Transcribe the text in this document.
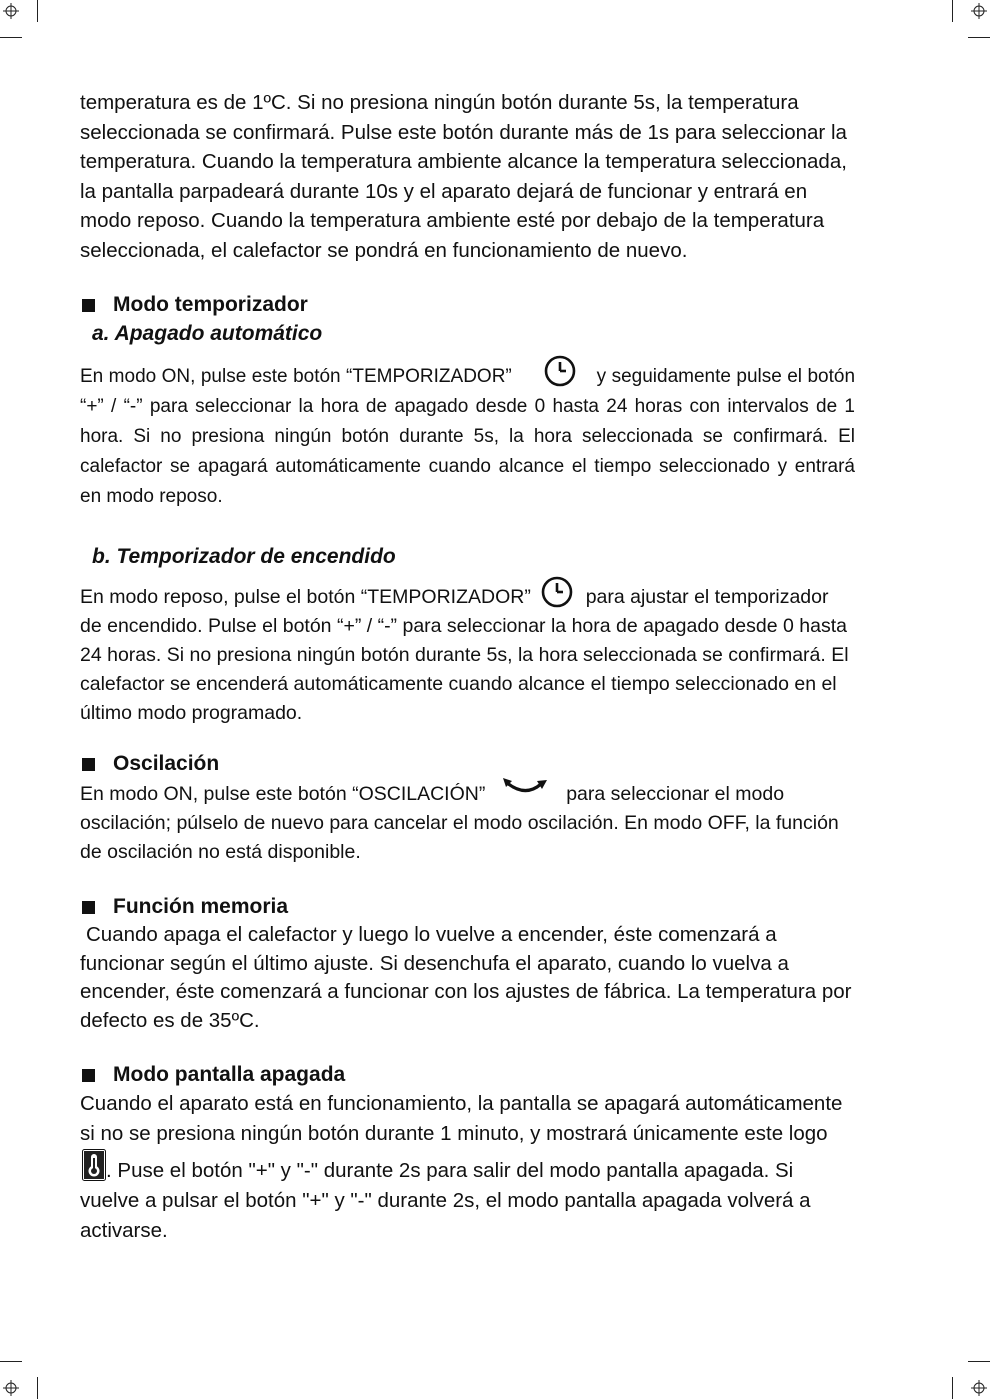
temperatura es de 1ºC. Si no presiona ningún botón durante 5s, la temperatura seleccionada se confirmará. Pulse este botón durante más de 1s para seleccionar la temperatura. Cuando la temperatura ambiente alcance la temperatura seleccionada, la pantalla parpadeará durante 10s y el aparato dejará de funcionar y entrará en modo reposo. Cuando la temperatura ambiente esté por debajo de la temperatura seleccionada, el calefactor se pondrá en funcionamiento de nuevo.

Modo temporizador
a. Apagado automático

En modo ON, pulse este botón “TEMPORIZADOR”	y seguidamente pulse el botón “+” / “-” para seleccionar la hora de apagado desde 0 hasta 24 horas con intervalos de 1 hora. Si no presiona ningún botón durante 5s, la hora seleccionada se confirmará. El calefactor se apagará automáticamente cuando alcance el tiempo seleccionado y entrará en modo reposo.

b. Temporizador de encendido

En modo reposo, pulse el botón “TEMPORIZADOR”	para ajustar el temporizador de encendido. Pulse el botón “+” / “-” para seleccionar la hora de apagado desde 0 hasta 24 horas. Si no presiona ningún botón durante 5s, la hora seleccionada se confirmará. El calefactor se encenderá automáticamente cuando alcance el tiempo seleccionado en el último modo programado.

Oscilación

En modo ON, pulse este botón “OSCILACIÓN”	para seleccionar el modo oscilación; púlselo de nuevo para cancelar el modo oscilación. En modo OFF, la función de oscilación no está disponible.

Función memoria

Cuando apaga el calefactor y luego lo vuelve a encender, éste comenzará a funcionar según el último ajuste. Si desenchufa el aparato, cuando lo vuelva a encender, éste comenzará a funcionar con los ajustes de fábrica. La temperatura por defecto es de 35ºC.

Modo pantalla apagada

Cuando el aparato está en funcionamiento, la pantalla se apagará automáticamente si no se presiona ningún botón durante 1 minuto, y mostrará únicamente este logo
. Puse el botón "+" y "-" durante 2s para salir del modo pantalla apagada. Si vuelve a pulsar el botón "+" y "-" durante 2s, el modo pantalla apagada volverá a activarse.
